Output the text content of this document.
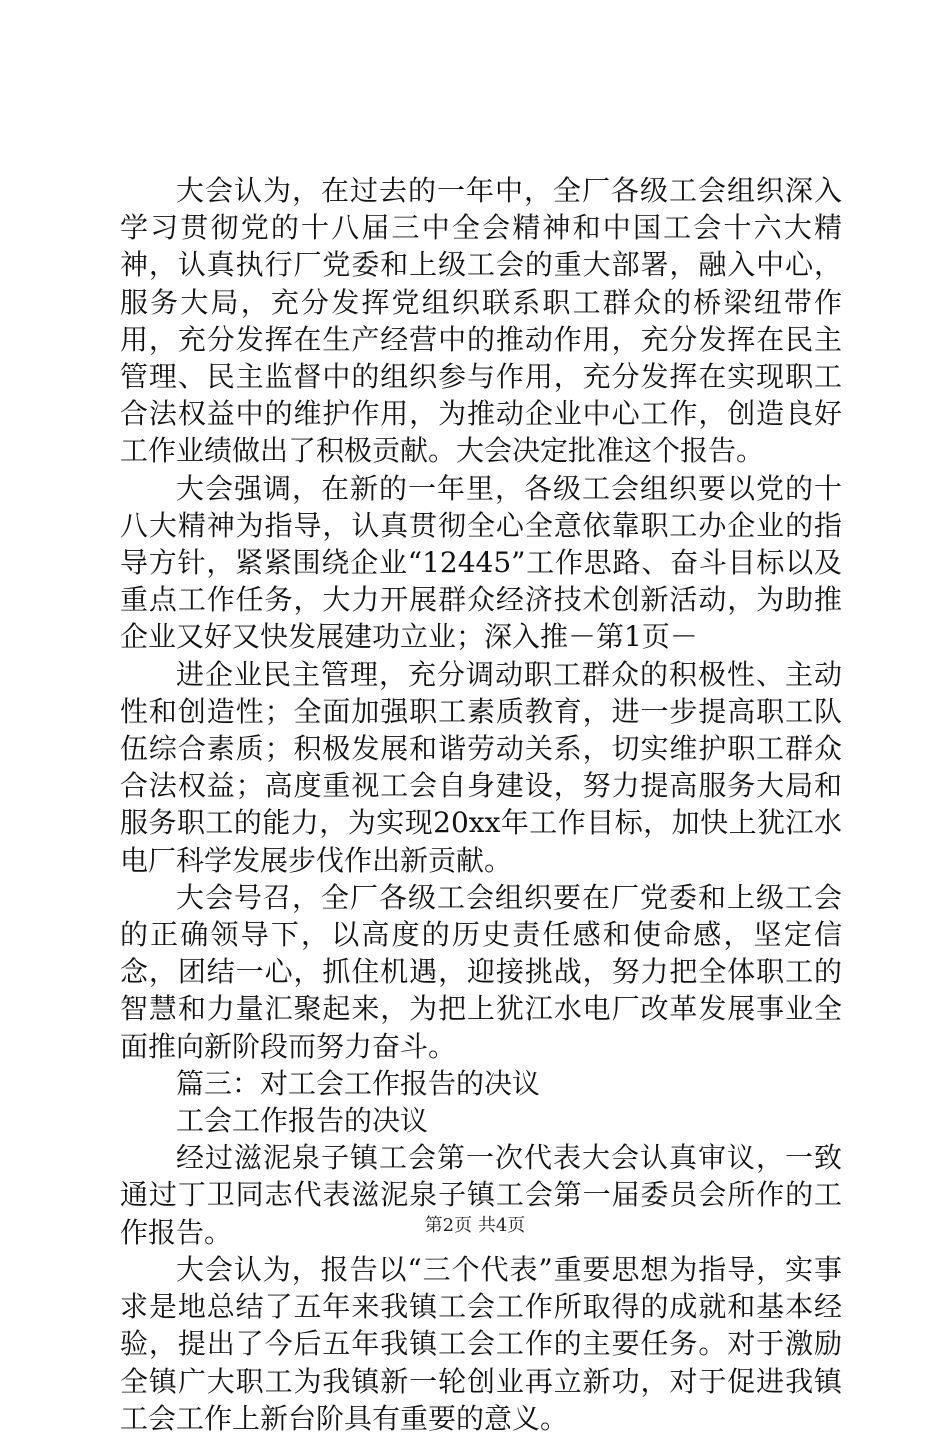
大会认为，在过去的一年中，全厂各级工会组织深入学习贯彻党的十八届三中全会精神和中国工会十六大精神，认真执行厂党委和上级工会的重大部署，融入中心，服务大局，充分发挥党组织联系职工群众的桥梁纽带作用，充分发挥在生产经营中的推动作用，充分发挥在民主管理、民主监督中的组织参与作用，充分发挥在实现职工合法权益中的维护作用，为推动企业中心工作，创造良好工作业绩做出了积极贡献。大会决定批准这个报告。

大会强调，在新的一年里，各级工会组织要以党的十八大精神为指导，认真贯彻全心全意依靠职工办企业的指导方针，紧紧围绕企业“12445”工作思路、奋斗目标以及重点工作任务，大力开展群众经济技术创新活动，为助推企业又好又快发展建功立业；深入推－第1页－

进企业民主管理，充分调动职工群众的积极性、主动性和创造性；全面加强职工素质教育，进一步提高职工队伍综合素质；积极发展和谐劳动关系，切实维护职工群众合法权益；高度重视工会自身建设，努力提高服务大局和服务职工的能力，为实现20xx年工作目标，加快上犹江水电厂科学发展步伐作出新贡献。

大会号召，全厂各级工会组织要在厂党委和上级工会的正确领导下，以高度的历史责任感和使命感，坚定信念，团结一心，抓住机遇，迎接挑战，努力把全体职工的智慧和力量汇聚起来，为把上犹江水电厂改革发展事业全面推向新阶段而努力奋斗。

篇三：对工会工作报告的决议

工会工作报告的决议

经过滋泥泉子镇工会第一次代表大会认真审议，一致通过丁卫同志代表滋泥泉子镇工会第一届委员会所作的工作报告。

大会认为，报告以“三个代表”重要思想为指导，实事求是地总结了五年来我镇工会工作所取得的成就和基本经验，提出了今后五年我镇工会工作的主要任务。对于激励全镇广大职工为我镇新一轮创业再立新功，对于促进我镇工会工作上新台阶具有重要的意义。

第2页 共4页
